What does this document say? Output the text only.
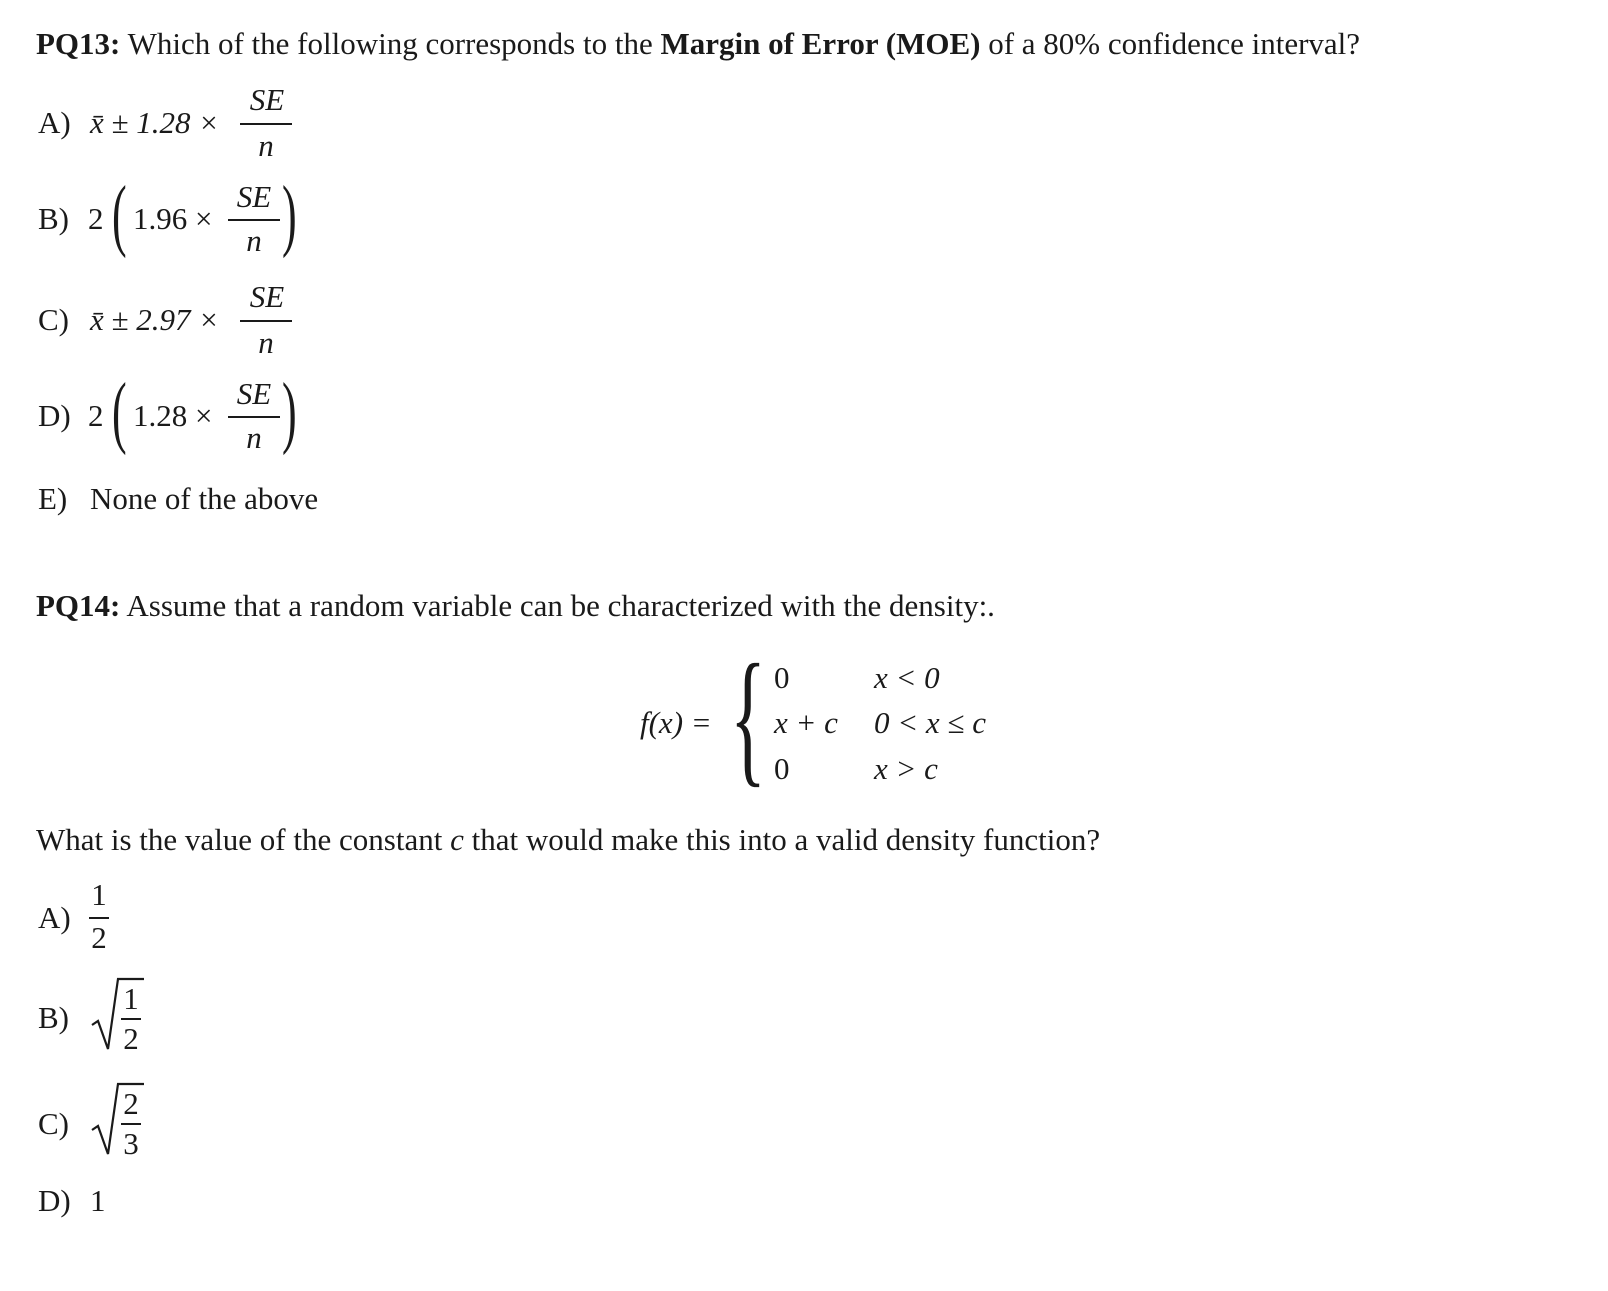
PQ13: Which of the following corresponds to the Margin of Error (MOE) of a 80% confidence interval?
A) x̄ ± 1.28 ×
SE
n
B) 2 ( 1.96 ×
SE
n )
C) x̄ ± 2.97 ×
SE
n
D) 2 ( 1.28 ×
SE
n )
E) None of the above
PQ14: Assume that a random variable can be characterized with the density:.
f(x) = { 0	x < 0
x + c 0 < x ≤ c
0	x > c
What is the value of the constant c that would make this into a valid density function?
A)
1
2
B)
1
2
C)
2
3
D) 1
